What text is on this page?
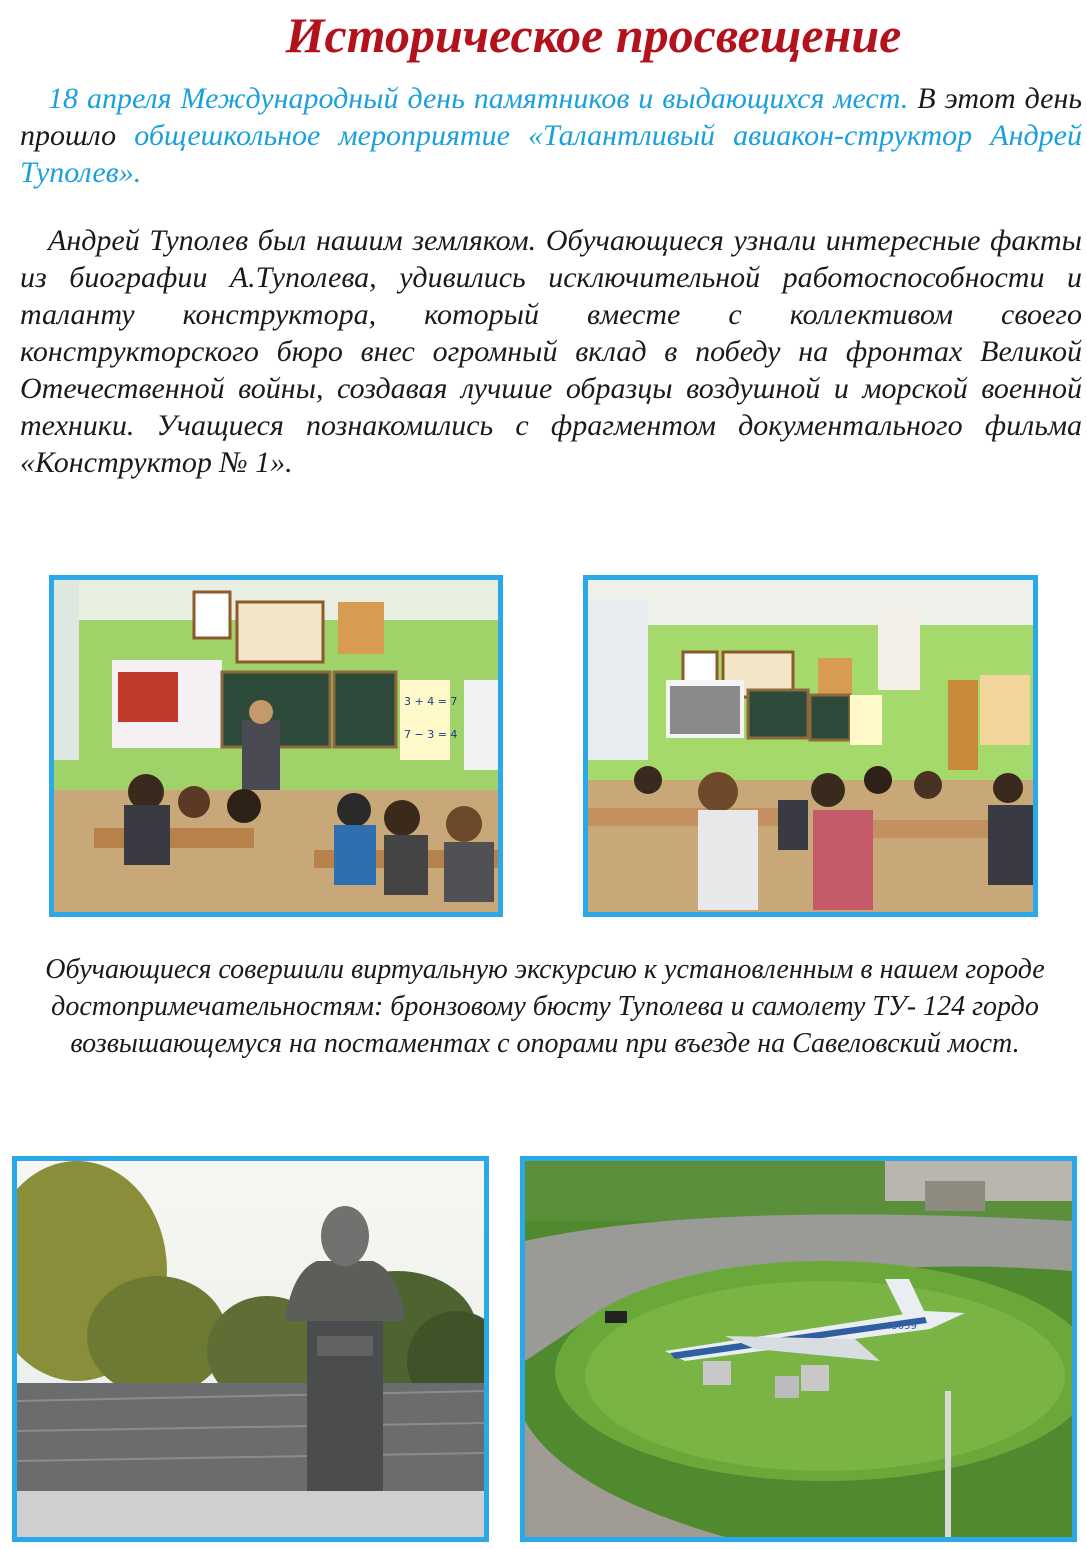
Историческое просвещение

18 апреля Международный день памятников и выдающихся мест. В этот день прошло общешкольное мероприятие «Талантливый авиакон-структор Андрей Туполев».

Андрей Туполев был нашим земляком. Обучающиеся узнали интересные факты из биографии А.Туполева, удивились исключительной работоспособности и таланту конструктора, который вместе с коллективом своего конструкторского бюро внес огромный вклад в победу на фронтах Великой Отечественной войны, создавая лучшие образцы воздушной и морской военной техники. Учащиеся познакомились с фрагментом документального фильма «Конструктор № 1».

3 + 4 = 7
7 − 3 = 4

Обучающиеся совершили виртуальную экскурсию к установленным в нашем городе достопримечательностям: бронзовому бюсту Туполева и самолету ТУ- 124 гордо возвышающемуся на постаментах с опорами при въезде на Савеловский мост.

45059
